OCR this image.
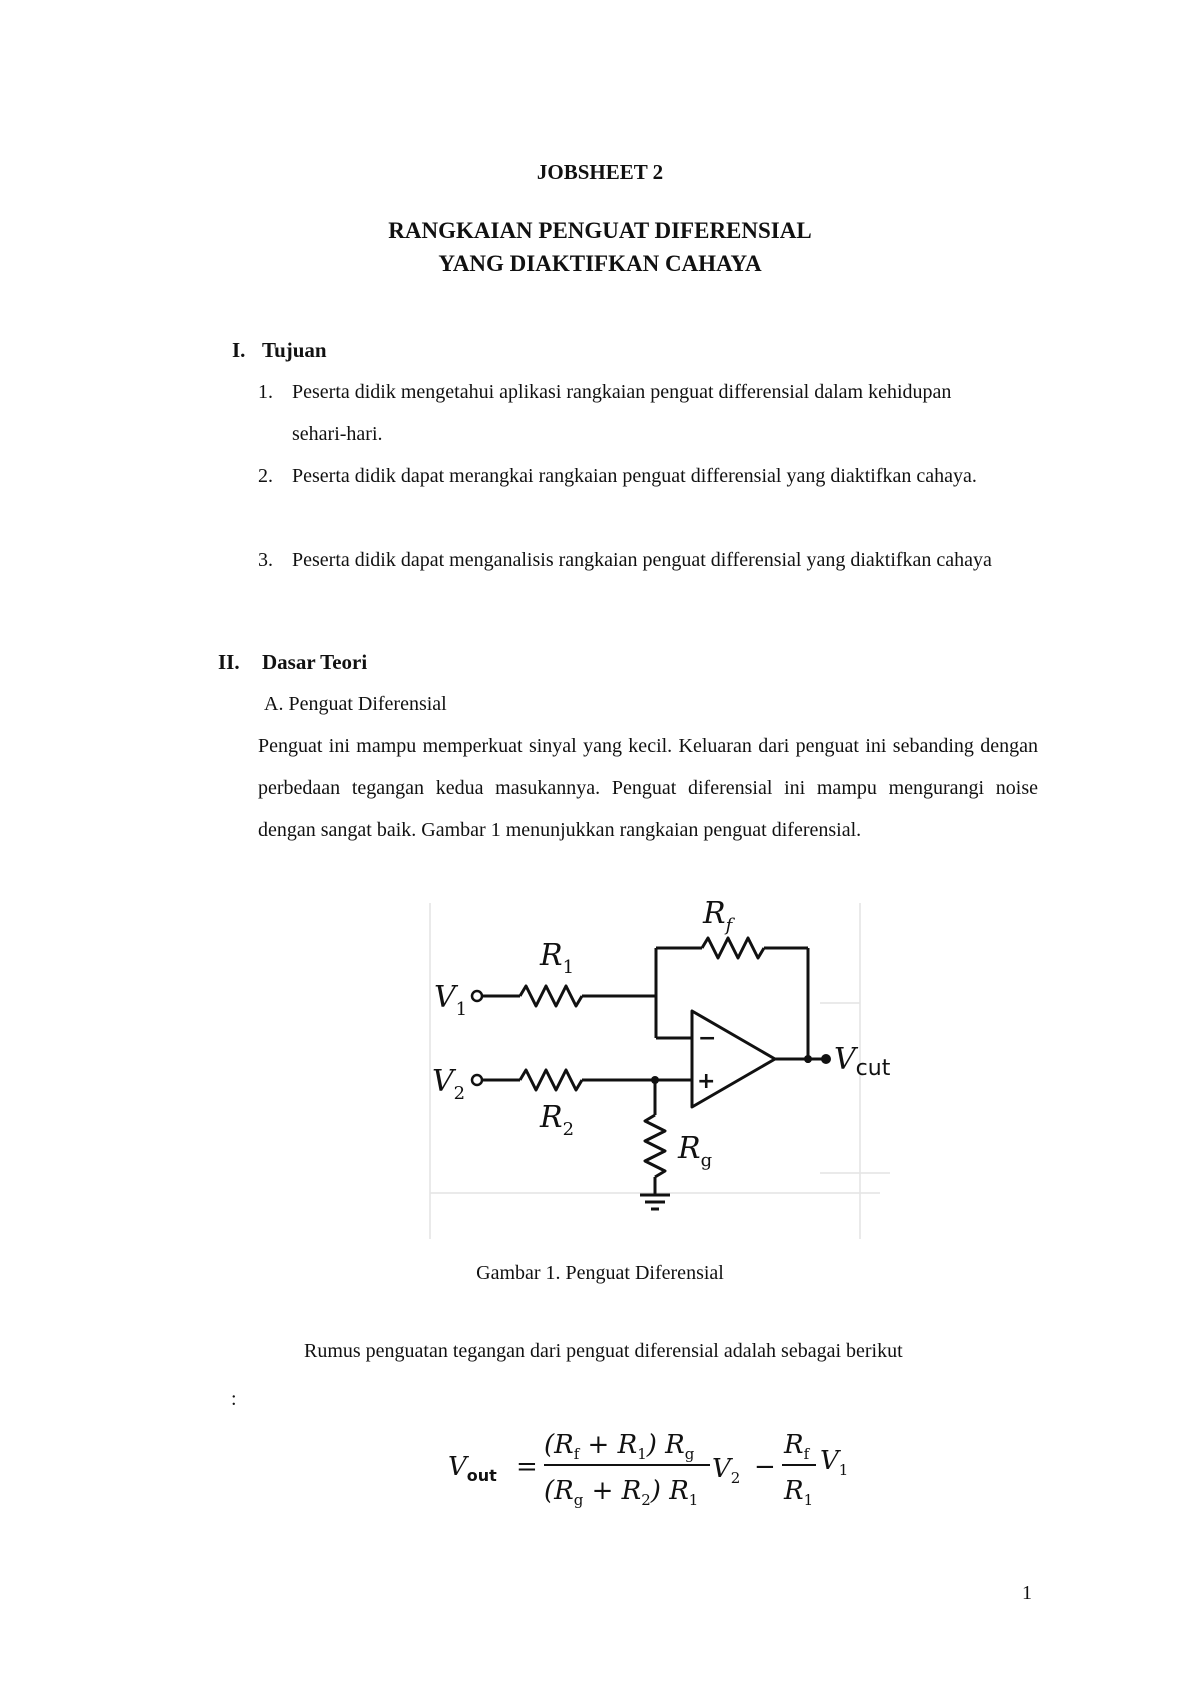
JOBSHEET 2
RANGKAIAN PENGUAT DIFERENSIAL
YANG DIAKTIFKAN CAHAYA
I. Tujuan
1. Peserta didik mengetahui aplikasi rangkaian penguat differensial dalam kehidupan sehari-hari.
2. Peserta didik dapat merangkai rangkaian penguat differensial yang diaktifkan cahaya.
3. Peserta didik dapat menganalisis rangkaian penguat differensial yang diaktifkan cahaya
II. Dasar Teori
A. Penguat Diferensial
Penguat ini mampu memperkuat sinyal yang kecil. Keluaran dari penguat ini sebanding dengan perbedaan tegangan kedua masukannya. Penguat diferensial ini mampu mengurangi noise dengan sangat baik. Gambar 1 menunjukkan rangkaian penguat diferensial.
$R_f$
$R_1$
$R_2$
$R_g$
$V_1$
$V_2$
$V_{cut}$
−
+
Gambar 1. Penguat Diferensial
Rumus penguatan tegangan dari penguat diferensial adalah sebagai berikut
:
$V_{out}$ =
$(R_f + R_1)$ $R_g$
$(R_g + R_2)$ $R_1$
$V_2$ −
$R_f$
$R_1$
$V_1$
1
